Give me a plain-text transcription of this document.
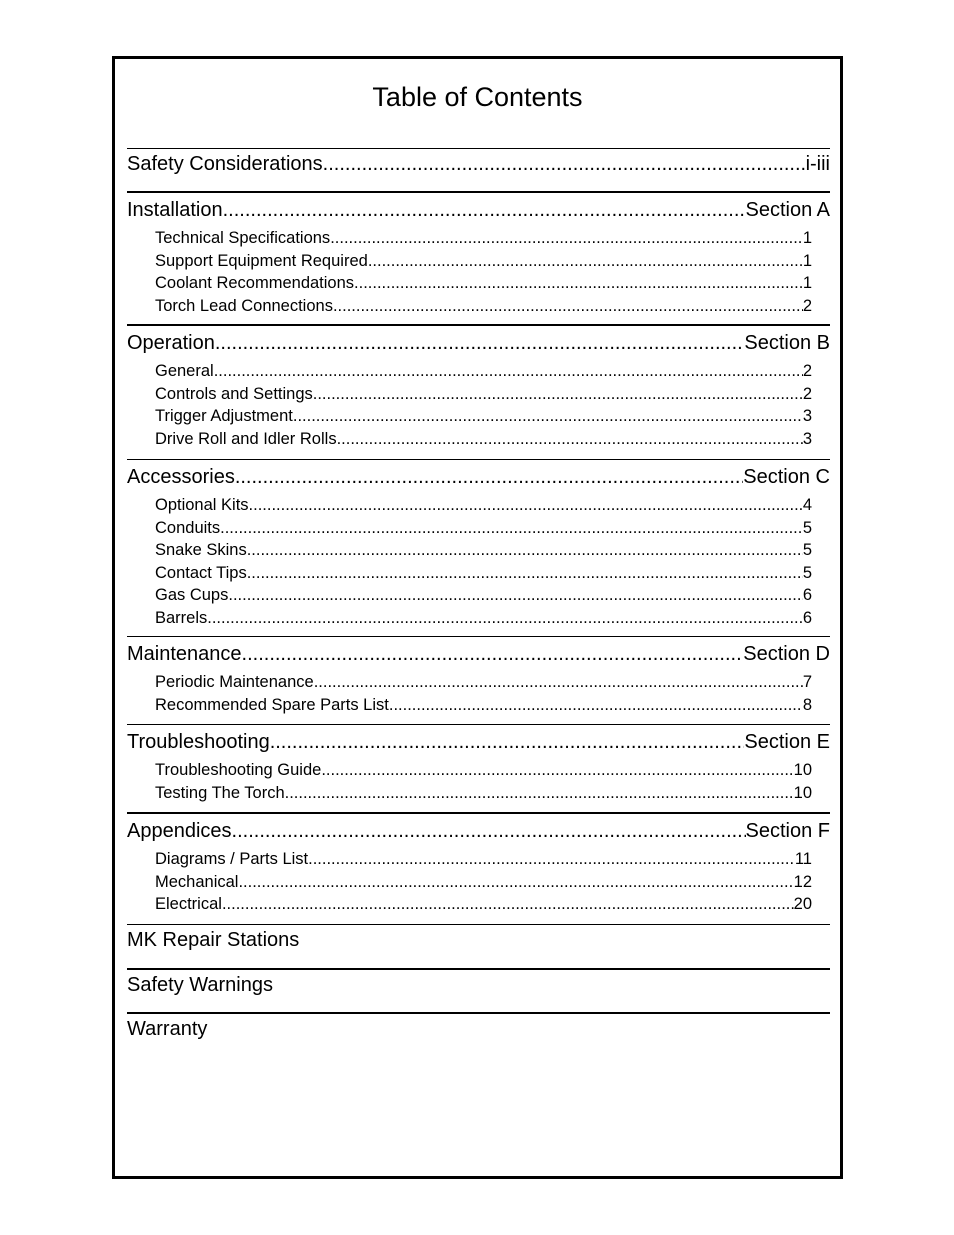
Table of Contents
Safety Considerations .....	i-iii
Installation .....	Section A
Technical Specifications .....	1
Support Equipment Required .....	1
Coolant Recommendations .....	1
Torch Lead Connections .....	2
Operation .....	Section B
General .....	2
Controls and Settings .....	2
Trigger Adjustment .....	3
Drive Roll and Idler Rolls .....	3
Accessories .....	Section C
Optional Kits .....	4
Conduits .....	5
Snake Skins .....	5
Contact Tips .....	5
Gas Cups .....	6
Barrels .....	6
Maintenance .....	Section D
Periodic Maintenance .....	7
Recommended Spare Parts List .....	8
Troubleshooting .....	Section E
Troubleshooting Guide .....	10
Testing The Torch .....	10
Appendices .....	Section F
Diagrams / Parts List .....	11
Mechanical .....	12
Electrical .....	20
MK Repair Stations
Safety Warnings
Warranty
